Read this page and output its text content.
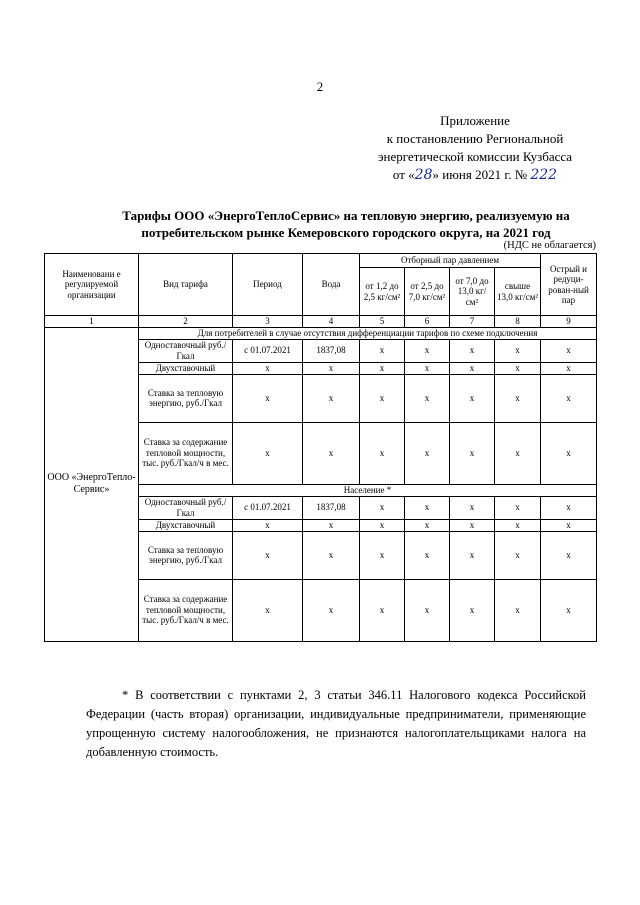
2
Приложение
к постановлению Региональной
энергетической комиссии Кузбасса
от «28» июня 2021 г. № 222
Тарифы ООО «ЭнергоТеплоСервис» на тепловую энергию, реализуемую на потребительском рынке Кемеровского городского округа, на 2021 год
(НДС не облагается)
Наименовани е регулируемой организации	Вид тарифа	Период	Вода	Отборный пар давлением				Острый и редуци-рован-ный пар
				от 1,2 до 2,5 кг/см²	от 2,5 до 7,0 кг/см²	от 7,0 до 13,0 кг/см²	свыше 13,0 кг/см²	
1	2	3	4	5	6	7	8	9
ООО «ЭнергоТепло-Сервис»	Для потребителей в случае отсутствия дифференциации тарифов по схеме подключения							
	Одноставочный руб./Гкал	с 01.07.2021	1837,08	х	х	х	х	х
	Двухставочный	х	х	х	х	х	х	х
	Ставка за тепловую энергию, руб./Гкал	х	х	х	х	х	х	х
	Ставка за содержание тепловой мощности, тыс. руб./Гкал/ч в мес.	х	х	х	х	х	х	х
	Население *							
	Одноставочный руб./Гкал	с 01.07.2021	1837,08	х	х	х	х	х
	Двухставочный	х	х	х	х	х	х	х
	Ставка за тепловую энергию, руб./Гкал	х	х	х	х	х	х	х
	Ставка за содержание тепловой мощности, тыс. руб./Гкал/ч в мес.	х	х	х	х	х	х	х

* В соответствии с пунктами 2, 3 статьи 346.11 Налогового кодекса Российской Федерации (часть вторая) организации, индивидуальные предприниматели, применяющие упрощенную систему налогообложения, не признаются налогоплательщиками налога на добавленную стоимость.
